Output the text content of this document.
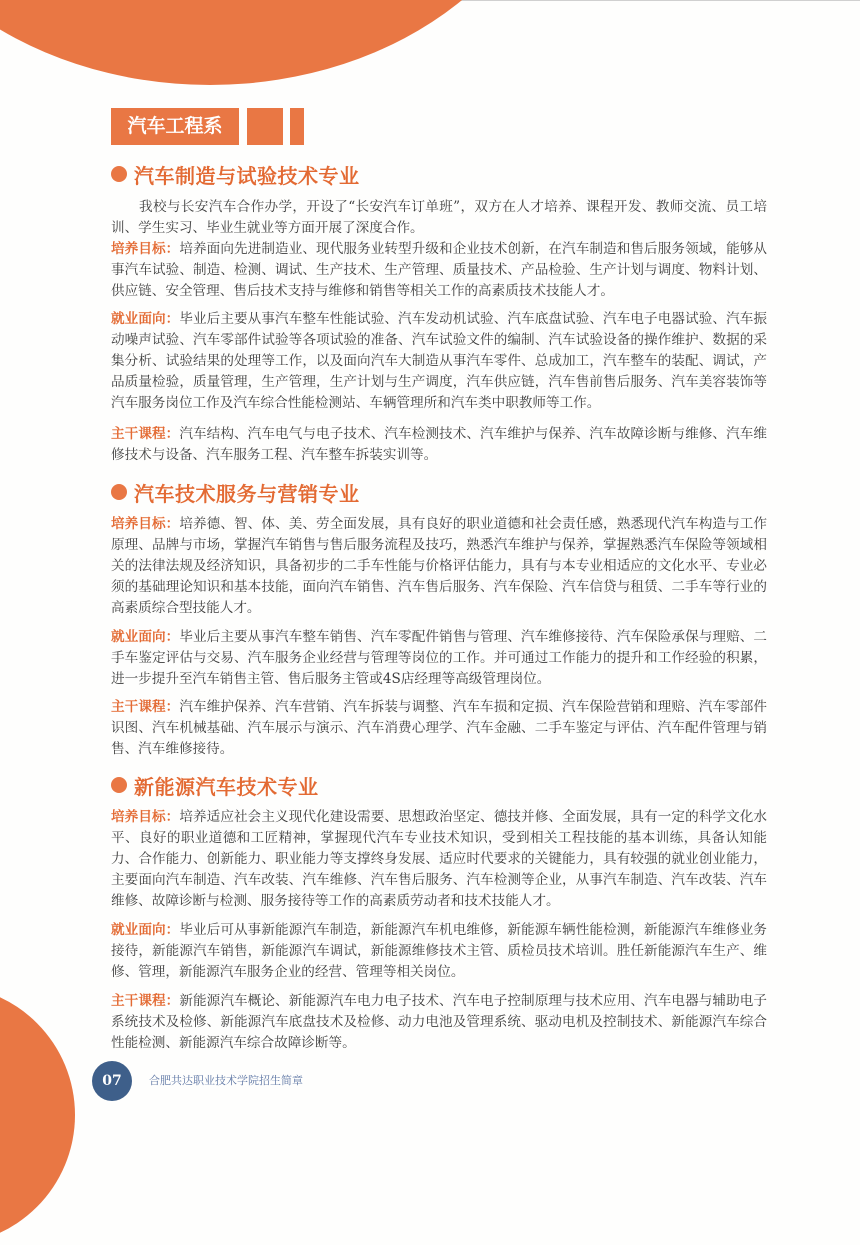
汽车工程系
汽车制造与试验技术专业
我校与长安汽车合作办学，开设了“长安汽车订单班”，双方在人才培养、课程开发、教师交流、员工培训、学生实习、毕业生就业等方面开展了深度合作。
培养目标：培养面向先进制造业、现代服务业转型升级和企业技术创新，在汽车制造和售后服务领域，能够从事汽车试验、制造、检测、调试、生产技术、生产管理、质量技术、产品检验、生产计划与调度、物料计划、供应链、安全管理、售后技术支持与维修和销售等相关工作的高素质技术技能人才。
就业面向：毕业后主要从事汽车整车性能试验、汽车发动机试验、汽车底盘试验、汽车电子电器试验、汽车振动噪声试验、汽车零部件试验等各项试验的准备、汽车试验文件的编制、汽车试验设备的操作维护、数据的采集分析、试验结果的处理等工作，以及面向汽车大制造从事汽车零件、总成加工，汽车整车的装配、调试，产品质量检验，质量管理，生产管理，生产计划与生产调度，汽车供应链，汽车售前售后服务、汽车美容装饰等汽车服务岗位工作及汽车综合性能检测站、车辆管理所和汽车类中职教师等工作。
主干课程：汽车结构、汽车电气与电子技术、汽车检测技术、汽车维护与保养、汽车故障诊断与维修、汽车维修技术与设备、汽车服务工程、汽车整车拆装实训等。
汽车技术服务与营销专业
培养目标：培养德、智、体、美、劳全面发展，具有良好的职业道德和社会责任感，熟悉现代汽车构造与工作原理、品牌与市场，掌握汽车销售与售后服务流程及技巧，熟悉汽车维护与保养，掌握熟悉汽车保险等领域相关的法律法规及经济知识，具备初步的二手车性能与价格评估能力，具有与本专业相适应的文化水平、专业必须的基础理论知识和基本技能，面向汽车销售、汽车售后服务、汽车保险、汽车信贷与租赁、二手车等行业的高素质综合型技能人才。
就业面向：毕业后主要从事汽车整车销售、汽车零配件销售与管理、汽车维修接待、汽车保险承保与理赔、二手车鉴定评估与交易、汽车服务企业经营与管理等岗位的工作。并可通过工作能力的提升和工作经验的积累，进一步提升至汽车销售主管、售后服务主管或4S店经理等高级管理岗位。
主干课程：汽车维护保养、汽车营销、汽车拆装与调整、汽车车损和定损、汽车保险营销和理赔、汽车零部件识图、汽车机械基础、汽车展示与演示、汽车消费心理学、汽车金融、二手车鉴定与评估、汽车配件管理与销售、汽车维修接待。
新能源汽车技术专业
培养目标：培养适应社会主义现代化建设需要、思想政治坚定、德技并修、全面发展，具有一定的科学文化水平、良好的职业道德和工匠精神，掌握现代汽车专业技术知识，受到相关工程技能的基本训练，具备认知能力、合作能力、创新能力、职业能力等支撑终身发展、适应时代要求的关键能力，具有较强的就业创业能力，主要面向汽车制造、汽车改装、汽车维修、汽车售后服务、汽车检测等企业，从事汽车制造、汽车改装、汽车维修、故障诊断与检测、服务接待等工作的高素质劳动者和技术技能人才。
就业面向：毕业后可从事新能源汽车制造，新能源汽车机电维修，新能源车辆性能检测，新能源汽车维修业务接待，新能源汽车销售，新能源汽车调试，新能源维修技术主管、质检员技术培训。胜任新能源汽车生产、维修、管理，新能源汽车服务企业的经营、管理等相关岗位。
主干课程：新能源汽车概论、新能源汽车电力电子技术、汽车电子控制原理与技术应用、汽车电器与辅助电子系统技术及检修、新能源汽车底盘技术及检修、动力电池及管理系统、驱动电机及控制技术、新能源汽车综合性能检测、新能源汽车综合故障诊断等。
07	合肥共达职业技术学院招生简章
